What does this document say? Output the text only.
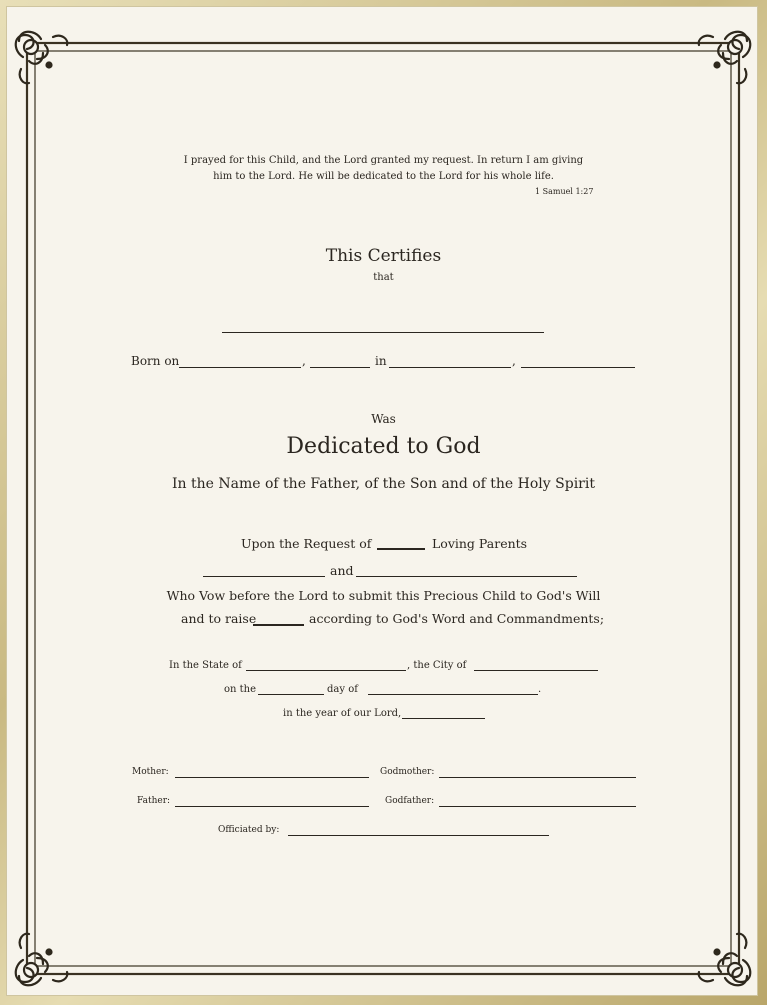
I prayed for this Child, and the Lord granted my request. In return I am giving
him to the Lord. He will be dedicated to the Lord for his whole life.
1 Samuel 1:27
This Certifies
that
Born on	,	in	,
Was
Dedicated to God
In the Name of the Father, of the Son and of the Holy Spirit
Upon the Request of	Loving Parents
and
Who Vow before the Lord to submit this Precious Child to God's Will
and to raise	according to God's Word and Commandments;
In the State of	, the City of
on the	day of	.
in the year of our Lord,
Mother:	Godmother:
Father:	Godfather:
Officiated by:
